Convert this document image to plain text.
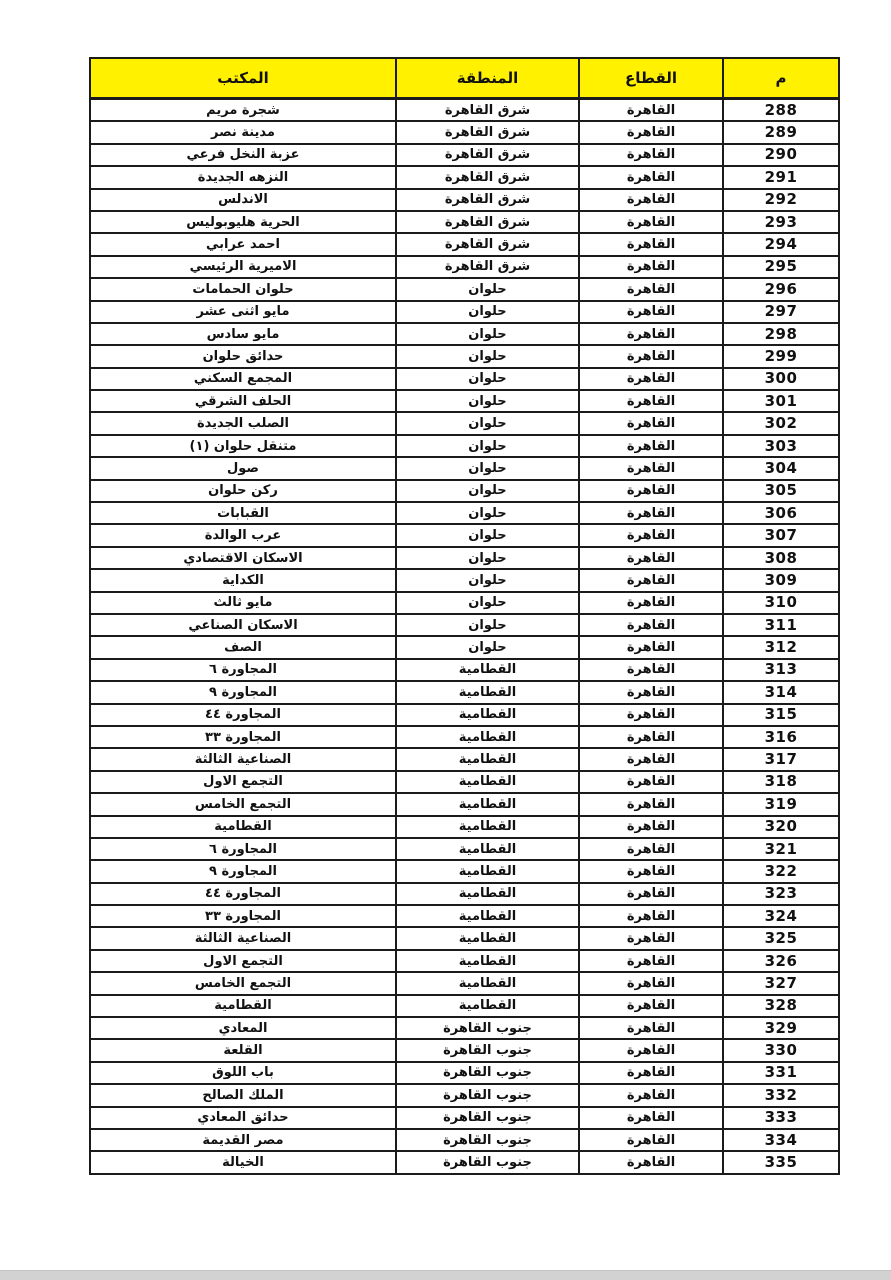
م	القطاع	المنطقة	المكتب
288	القاهرة	شرق القاهرة	شجرة مريم
289	القاهرة	شرق القاهرة	مدينة نصر
290	القاهرة	شرق القاهرة	عزبة النخل فرعي
291	القاهرة	شرق القاهرة	النزهه الجديدة
292	القاهرة	شرق القاهرة	الاندلس
293	القاهرة	شرق القاهرة	الحرية هليوبوليس
294	القاهرة	شرق القاهرة	احمد عرابي
295	القاهرة	شرق القاهرة	الاميرية الرئيسي
296	القاهرة	حلوان	حلوان الحمامات
297	القاهرة	حلوان	مايو اثنى عشر
298	القاهرة	حلوان	مايو سادس
299	القاهرة	حلوان	حدائق حلوان
300	القاهرة	حلوان	المجمع السكني
301	القاهرة	حلوان	الحلف الشرقي
302	القاهرة	حلوان	الصلب الجديدة
303	القاهرة	حلوان	متنقل حلوان (١)
304	القاهرة	حلوان	صول
305	القاهرة	حلوان	ركن حلوان
306	القاهرة	حلوان	القبابات
307	القاهرة	حلوان	عرب الوالدة
308	القاهرة	حلوان	الاسكان الاقتصادي
309	القاهرة	حلوان	الكداية
310	القاهرة	حلوان	مايو ثالث
311	القاهرة	حلوان	الاسكان الصناعي
312	القاهرة	حلوان	الصف
313	القاهرة	القطامية	المجاورة ٦
314	القاهرة	القطامية	المجاورة ٩
315	القاهرة	القطامية	المجاورة ٤٤
316	القاهرة	القطامية	المجاورة ٣٣
317	القاهرة	القطامية	الصناعية الثالثة
318	القاهرة	القطامية	التجمع الاول
319	القاهرة	القطامية	التجمع الخامس
320	القاهرة	القطامية	القطامية
321	القاهرة	القطامية	المجاورة ٦
322	القاهرة	القطامية	المجاورة ٩
323	القاهرة	القطامية	المجاورة ٤٤
324	القاهرة	القطامية	المجاورة ٣٣
325	القاهرة	القطامية	الصناعية الثالثة
326	القاهرة	القطامية	التجمع الاول
327	القاهرة	القطامية	التجمع الخامس
328	القاهرة	القطامية	القطامية
329	القاهرة	جنوب القاهرة	المعادي
330	القاهرة	جنوب القاهرة	القلعة
331	القاهرة	جنوب القاهرة	باب اللوق
332	القاهرة	جنوب القاهرة	الملك الصالح
333	القاهرة	جنوب القاهرة	حدائق المعادي
334	القاهرة	جنوب القاهرة	مصر القديمة
335	القاهرة	جنوب القاهرة	الخيالة
